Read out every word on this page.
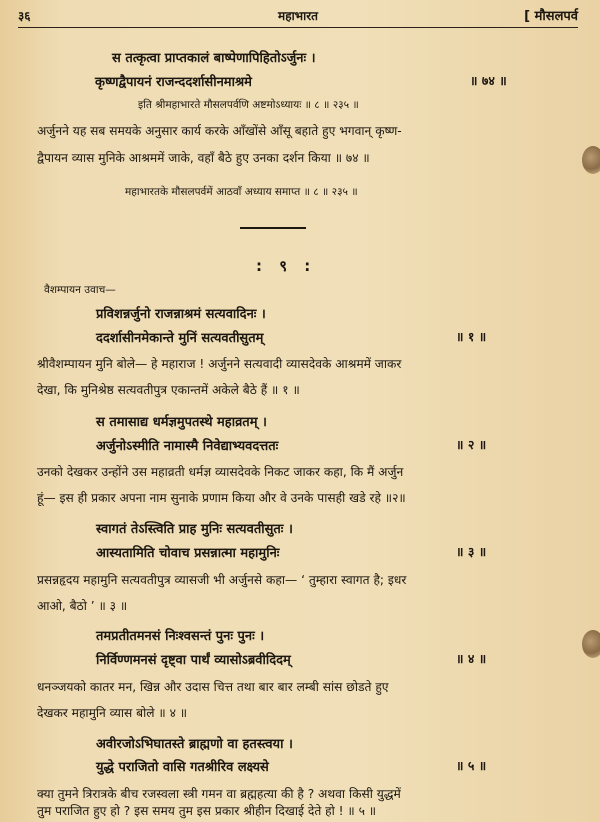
३६	महाभारत	[ मौसलपर्व
स तत्कृत्वा प्राप्तकालं बाष्पेणापिहितोऽर्जुनः ।
कृष्णद्वैपायनं राजन्ददर्शासीनमाश्रमे	॥ ७४ ॥
इति श्रीमहाभारते मौसलपर्वणि अष्टमोऽध्यायः ॥ ८ ॥ २३५ ॥
अर्जुनने यह सब समयके अनुसार कार्य करके आँखोंसे आँसू बहाते हुए भगवान् कृष्ण-
द्वैपायन व्यास मुनिके आश्रममें जाके, वहाँ बैठे हुए उनका दर्शन किया ॥ ७४ ॥
महाभारतके मौसलपर्वमें आठवाँ अध्याय समाप्त ॥ ८ ॥ २३५ ॥
: ९ :
वैशम्पायन उवाच—
प्रविशन्नर्जुनो राजन्नाश्रमं सत्यवादिनः ।
ददर्शासीनमेकान्ते मुनिं सत्यवतीसुतम्	॥ १ ॥
श्रीवैशम्पायन मुनि बोले— हे महाराज ! अर्जुनने सत्यवादी व्यासदेवके आश्रममें जाकर
देखा, कि मुनिश्रेष्ठ सत्यवतीपुत्र एकान्तमें अकेले बैठे हैं ॥ १ ॥
स तमासाद्य धर्मज्ञमुपतस्थे महाव्रतम् ।
अर्जुनोऽस्मीति नामास्मै निवेद्याभ्यवदत्ततः	॥ २ ॥
उनको देखकर उन्होंने उस महाव्रती धर्मज्ञ व्यासदेवके निकट जाकर कहा, कि मैं अर्जुन
हूं— इस ही प्रकार अपना नाम सुनाके प्रणाम किया और वे उनके पासही खडे रहे ॥२॥
स्वागतं तेऽस्त्विति प्राह मुनिः सत्यवतीसुतः ।
आस्यतामिति चोवाच प्रसन्नात्मा महामुनिः	॥ ३ ॥
प्रसन्नहृदय महामुनि सत्यवतीपुत्र व्यासजी भी अर्जुनसे कहा— ‘ तुम्हारा स्वागत है; इधर
आओ, बैठो ’ ॥ ३ ॥
तमप्रतीतमनसं निःश्वसन्तं पुनः पुनः ।
निर्विण्णमनसं दृष्ट्वा पार्थं व्यासोऽब्रवीदिदम्	॥ ४ ॥
धनञ्जयको कातर मन, खिन्न और उदास चित्त तथा बार बार लम्बी सांस छोडते हुए
देखकर महामुनि व्यास बोले ॥ ४ ॥
अवीरजोऽभिघातस्ते ब्राह्मणो वा हतस्त्वया ।
युद्धे पराजितो वासि गतश्रीरिव लक्ष्यसे	॥ ५ ॥
क्या तुमने त्रिरात्रके बीच रजस्वला स्त्री गमन वा ब्रह्महत्या की है ? अथवा किसी युद्धमें
तुम पराजित हुए हो ? इस समय तुम इस प्रकार श्रीहीन दिखाई देते हो ! ॥ ५ ॥
